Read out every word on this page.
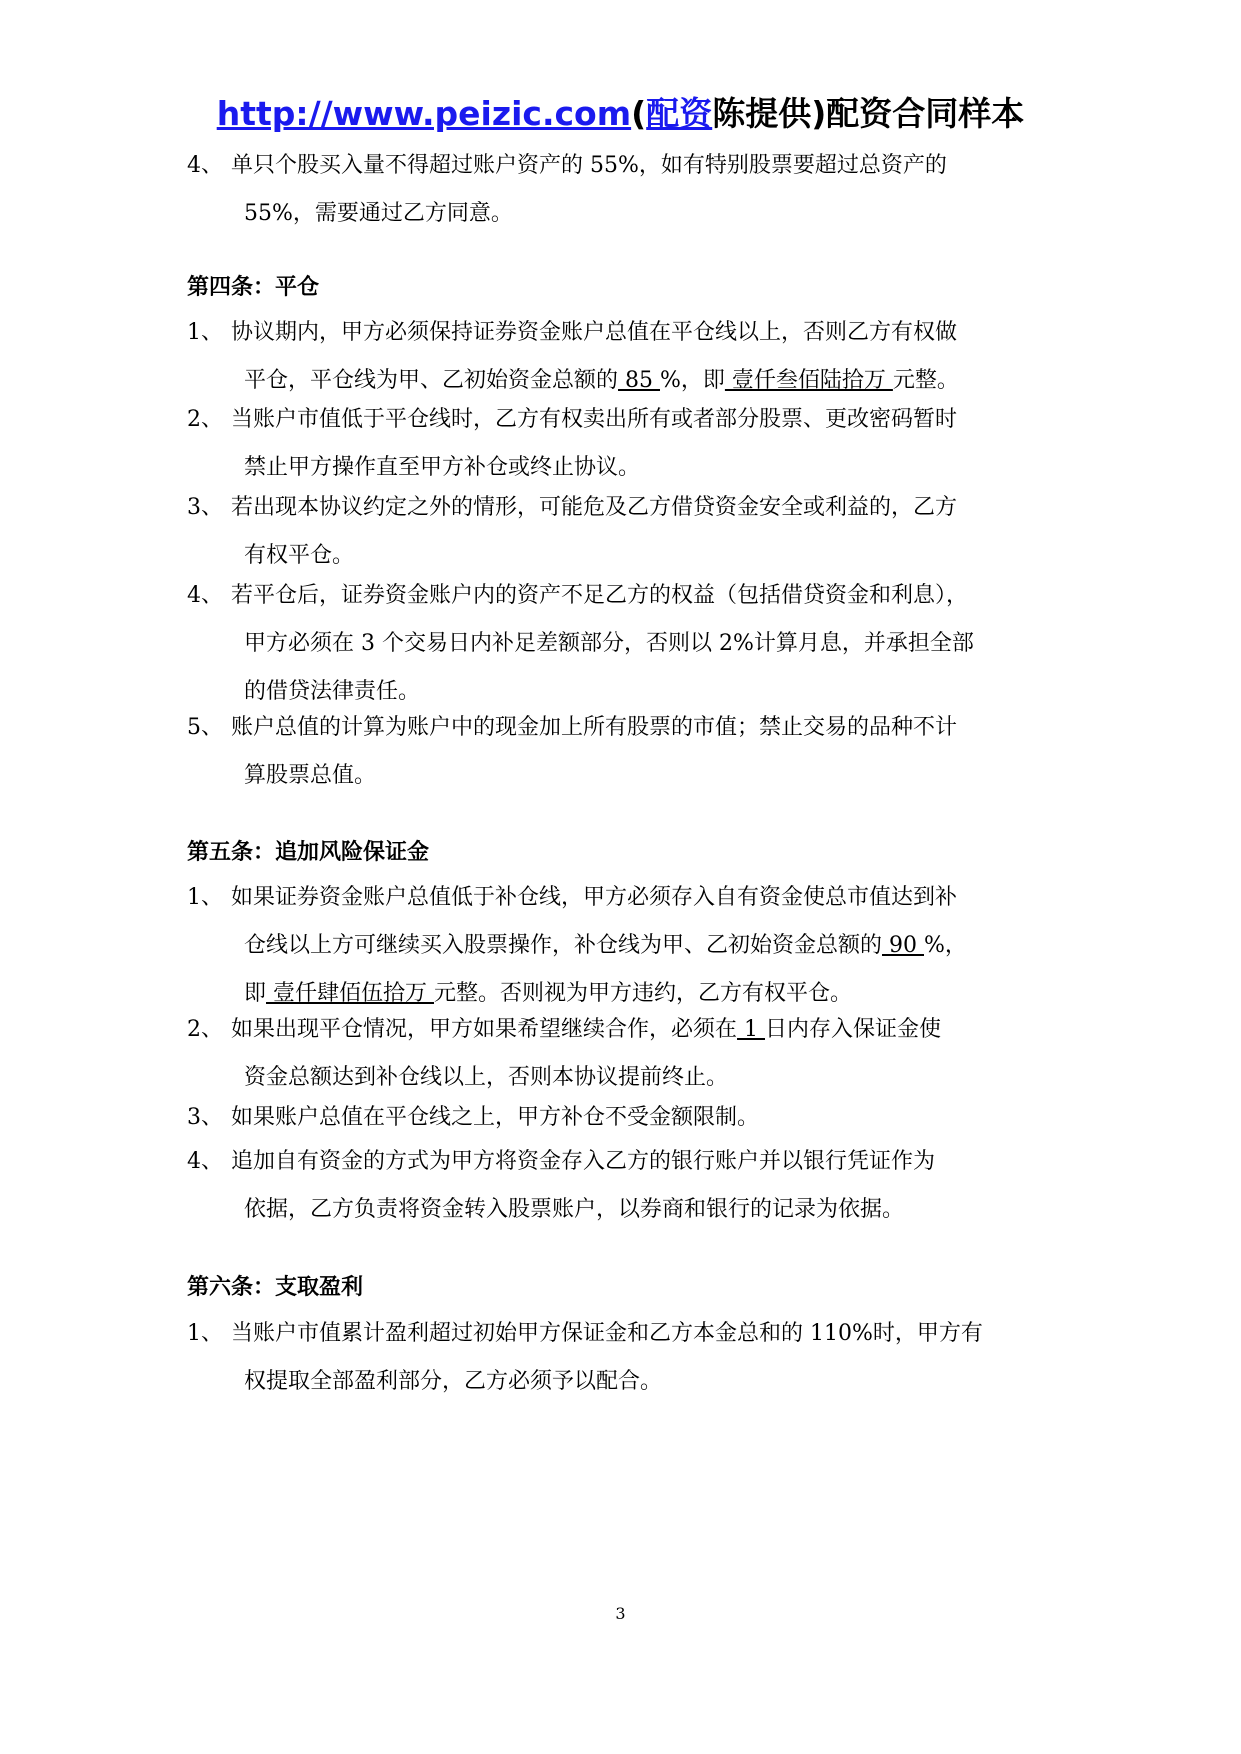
http://www.peizic.com(配资陈提供)配资合同样本
4、 单只个股买入量不得超过账户资产的 55%，如有特别股票要超过总资产的
55%，需要通过乙方同意。
第四条：平仓
1、 协议期内，甲方必须保持证券资金账户总值在平仓线以上，否则乙方有权做
平仓，平仓线为甲、乙初始资金总额的 85 %，即 壹仟叁佰陆拾万 元整。
2、 当账户市值低于平仓线时，乙方有权卖出所有或者部分股票、更改密码暂时
禁止甲方操作直至甲方补仓或终止协议。
3、 若出现本协议约定之外的情形，可能危及乙方借贷资金安全或利益的，乙方
有权平仓。
4、 若平仓后，证券资金账户内的资产不足乙方的权益（包括借贷资金和利息），
甲方必须在 3 个交易日内补足差额部分，否则以 2%计算月息，并承担全部
的借贷法律责任。
5、 账户总值的计算为账户中的现金加上所有股票的市值；禁止交易的品种不计
算股票总值。
第五条：追加风险保证金
1、 如果证券资金账户总值低于补仓线，甲方必须存入自有资金使总市值达到补
仓线以上方可继续买入股票操作，补仓线为甲、乙初始资金总额的 90 %，
即 壹仟肆佰伍拾万 元整。否则视为甲方违约，乙方有权平仓。
2、 如果出现平仓情况，甲方如果希望继续合作，必须在 1 日内存入保证金使
资金总额达到补仓线以上，否则本协议提前终止。
3、 如果账户总值在平仓线之上，甲方补仓不受金额限制。
4、 追加自有资金的方式为甲方将资金存入乙方的银行账户并以银行凭证作为
依据，乙方负责将资金转入股票账户，以券商和银行的记录为依据。
第六条：支取盈利
1、 当账户市值累计盈利超过初始甲方保证金和乙方本金总和的 110%时，甲方有
权提取全部盈利部分，乙方必须予以配合。
3
